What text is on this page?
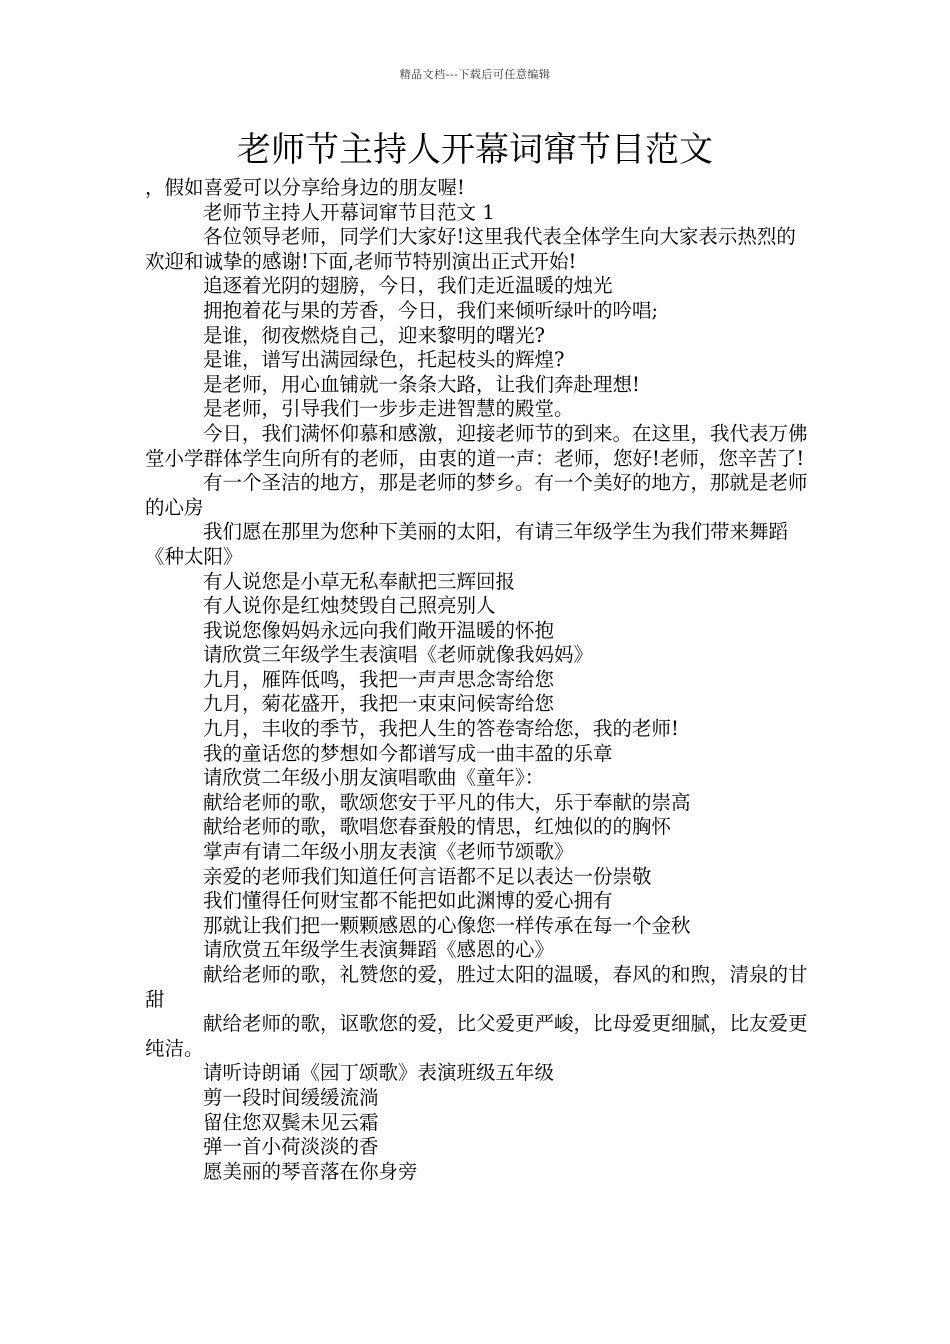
精品文档---下载后可任意编辑
老师节主持人开幕词窜节目范文

，假如喜爱可以分享给身边的朋友喔!

老师节主持人开幕词窜节目范文 1

各位领导老师，同学们大家好!这里我代表全体学生向大家表示热烈的欢迎和诚挚的感谢!下面,老师节特别演出正式开始!

追逐着光阴的翅膀，今日，我们走近温暖的烛光

拥抱着花与果的芳香，今日，我们来倾听绿叶的吟唱;

是谁，彻夜燃烧自己，迎来黎明的曙光?

是谁，谱写出满园绿色，托起枝头的辉煌?

是老师，用心血铺就一条条大路，让我们奔赴理想!

是老师，引导我们一步步走进智慧的殿堂。

今日，我们满怀仰慕和感激，迎接老师节的到来。在这里，我代表万佛堂小学群体学生向所有的老师，由衷的道一声：老师，您好!老师，您辛苦了!

有一个圣洁的地方，那是老师的梦乡。有一个美好的地方，那就是老师的心房

我们愿在那里为您种下美丽的太阳，有请三年级学生为我们带来舞蹈《种太阳》

有人说您是小草无私奉献把三辉回报

有人说你是红烛焚毁自己照亮别人

我说您像妈妈永远向我们敞开温暖的怀抱

请欣赏三年级学生表演唱《老师就像我妈妈》

九月，雁阵低鸣，我把一声声思念寄给您

九月，菊花盛开，我把一束束问候寄给您

九月，丰收的季节，我把人生的答卷寄给您，我的老师!

我的童话您的梦想如今都谱写成一曲丰盈的乐章

请欣赏二年级小朋友演唱歌曲《童年》：

献给老师的歌，歌颂您安于平凡的伟大，乐于奉献的崇高

献给老师的歌，歌唱您春蚕般的情思，红烛似的的胸怀

掌声有请二年级小朋友表演《老师节颂歌》

亲爱的老师我们知道任何言语都不足以表达一份崇敬

我们懂得任何财宝都不能把如此渊博的爱心拥有

那就让我们把一颗颗感恩的心像您一样传承在每一个金秋

请欣赏五年级学生表演舞蹈《感恩的心》

献给老师的歌，礼赞您的爱，胜过太阳的温暖，春风的和煦，清泉的甘甜

献给老师的歌，讴歌您的爱，比父爱更严峻，比母爱更细腻，比友爱更纯洁。

请听诗朗诵《园丁颂歌》表演班级五年级

剪一段时间缓缓流淌

留住您双鬓未见云霜

弹一首小荷淡淡的香

愿美丽的琴音落在你身旁
